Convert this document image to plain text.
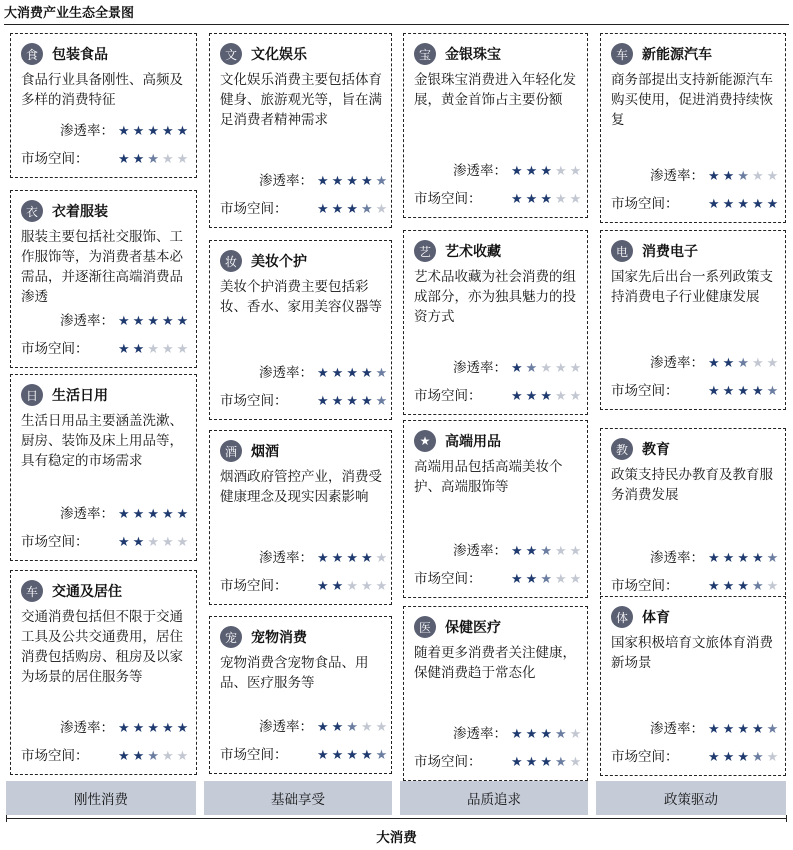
大消费产业生态全景图
食 包装食品
食品行业具备刚性、高频及多样的消费特征
渗透率： ★★★★★
市场空间： ★★★★★
衣 衣着服装
服装主要包括社交服饰、工作服饰等，为消费者基本必需品，并逐渐往高端消费品渗透
渗透率： ★★★★★
市场空间： ★★★★★
日 生活日用
生活日用品主要涵盖洗漱、厨房、装饰及床上用品等，具有稳定的市场需求
渗透率： ★★★★★
市场空间： ★★★★★
车 交通及居住
交通消费包括但不限于交通工具及公共交通费用，居住消费包括购房、租房及以家为场景的居住服务等
渗透率： ★★★★★
市场空间： ★★★★★
文 文化娱乐
文化娱乐消费主要包括体育健身、旅游观光等，旨在满足消费者精神需求
渗透率： ★★★★★
市场空间： ★★★★★
妆 美妆个护
美妆个护消费主要包括彩妆、香水、家用美容仪器等
渗透率： ★★★★★
市场空间： ★★★★★
酒 烟酒
烟酒政府管控产业，消费受健康理念及现实因素影响
渗透率： ★★★★★
市场空间： ★★★★★
宠 宠物消费
宠物消费含宠物食品、用品、医疗服务等
渗透率： ★★★★★
市场空间： ★★★★★
宝 金银珠宝
金银珠宝消费进入年轻化发展，黄金首饰占主要份额
渗透率： ★★★★★
市场空间： ★★★★★
艺 艺术收藏
艺术品收藏为社会消费的组成部分，亦为独具魅力的投资方式
渗透率： ★★★★★
市场空间： ★★★★★
★ 高端用品
高端用品包括高端美妆个护、高端服饰等
渗透率： ★★★★★
市场空间： ★★★★★
医 保健医疗
随着更多消费者关注健康，保健消费趋于常态化
渗透率： ★★★★★
市场空间： ★★★★★
车 新能源汽车
商务部提出支持新能源汽车购买使用，促进消费持续恢复
渗透率： ★★★★★
市场空间： ★★★★★
电 消费电子
国家先后出台一系列政策支持消费电子行业健康发展
渗透率： ★★★★★
市场空间： ★★★★★
教 教育
政策支持民办教育及教育服务消费发展
渗透率： ★★★★★
市场空间： ★★★★★
体 体育
国家积极培育文旅体育消费新场景
渗透率： ★★★★★
市场空间： ★★★★★
刚性消费	基础享受	品质追求	政策驱动
大消费
